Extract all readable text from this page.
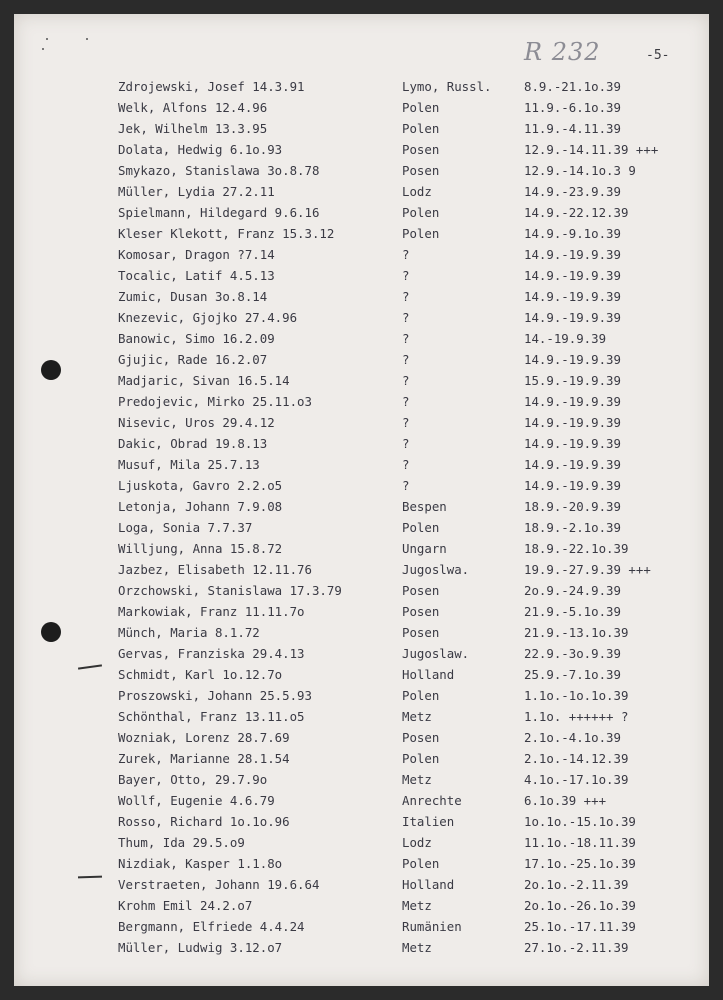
R 232	-5-
Zdrojewski, Josef 14.3.91	Lymo, Russl.	8.9.-21.1o.39
Welk, Alfons 12.4.96	Polen	11.9.-6.1o.39
Jek, Wilhelm 13.3.95	Polen	11.9.-4.11.39
Dolata, Hedwig 6.1o.93	Posen	12.9.-14.11.39 +++
Smykazo, Stanislawa 3o.8.78	Posen	12.9.-14.1o.3 9
Müller, Lydia 27.2.11	Lodz	14.9.-23.9.39
Spielmann, Hildegard 9.6.16	Polen	14.9.-22.12.39
Kleser Klekott, Franz 15.3.12	Polen	14.9.-9.1o.39
Komosar, Dragon ?7.14	?	14.9.-19.9.39
Tocalic, Latif 4.5.13	?	14.9.-19.9.39
Zumic, Dusan 3o.8.14	?	14.9.-19.9.39
Knezevic, Gjojko 27.4.96	?	14.9.-19.9.39
Banowic, Simo 16.2.09	?	14.-19.9.39
Gjujic, Rade 16.2.07	?	14.9.-19.9.39
Madjaric, Sivan 16.5.14	?	15.9.-19.9.39
Predojevic, Mirko 25.11.o3	?	14.9.-19.9.39
Nisevic, Uros 29.4.12	?	14.9.-19.9.39
Dakic, Obrad 19.8.13	?	14.9.-19.9.39
Musuf, Mila 25.7.13	?	14.9.-19.9.39
Ljuskota, Gavro 2.2.o5	?	14.9.-19.9.39
Letonja, Johann 7.9.08	Bespen	18.9.-20.9.39
Loga, Sonia 7.7.37	Polen	18.9.-2.1o.39
Willjung, Anna 15.8.72	Ungarn	18.9.-22.1o.39
Jazbez, Elisabeth 12.11.76	Jugoslwa.	19.9.-27.9.39 +++
Orzchowski, Stanislawa 17.3.79	Posen	2o.9.-24.9.39
Markowiak, Franz 11.11.7o	Posen	21.9.-5.1o.39
Münch, Maria 8.1.72	Posen	21.9.-13.1o.39
Gervas, Franziska 29.4.13	Jugoslaw.	22.9.-3o.9.39
Schmidt, Karl 1o.12.7o	Holland	25.9.-7.1o.39
Proszowski, Johann 25.5.93	Polen	1.1o.-1o.1o.39
Schönthal, Franz 13.11.o5	Metz	1.1o. ++++++ ?
Wozniak, Lorenz 28.7.69	Posen	2.1o.-4.1o.39
Zurek, Marianne 28.1.54	Polen	2.1o.-14.12.39
Bayer, Otto, 29.7.9o	Metz	4.1o.-17.1o.39
Wollf, Eugenie 4.6.79	Anrechte	6.1o.39 +++
Rosso, Richard 1o.1o.96	Italien	1o.1o.-15.1o.39
Thum, Ida 29.5.o9	Lodz	11.1o.-18.11.39
Nizdiak, Kasper 1.1.8o	Polen	17.1o.-25.1o.39
Verstraeten, Johann 19.6.64	Holland	2o.1o.-2.11.39
Krohm Emil 24.2.o7	Metz	2o.1o.-26.1o.39
Bergmann, Elfriede 4.4.24	Rumänien	25.1o.-17.11.39
Müller, Ludwig 3.12.o7	Metz	27.1o.-2.11.39
